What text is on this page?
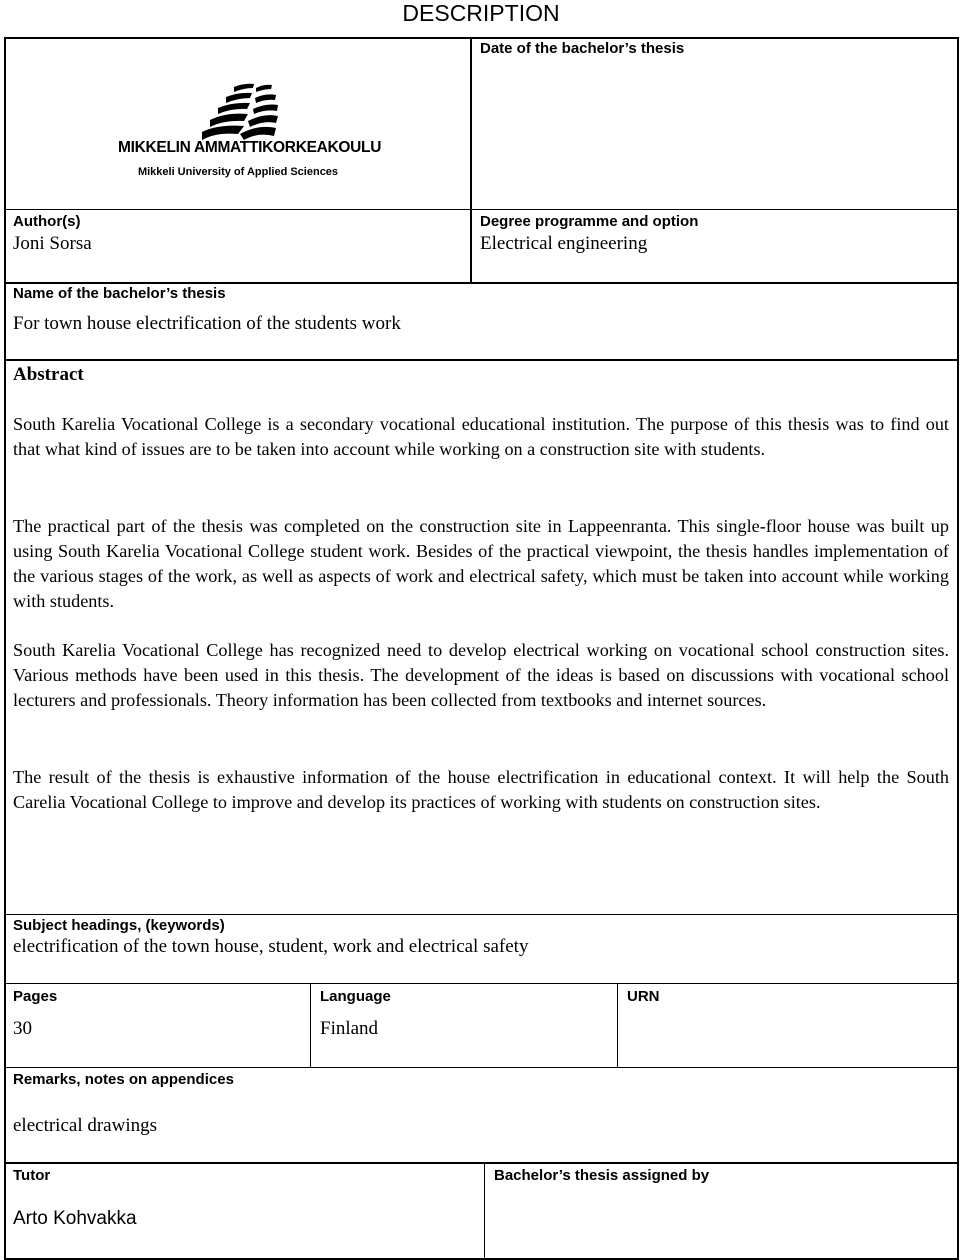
DESCRIPTION
MIKKELIN AMMATTIKORKEAKOULU
Mikkeli University of Applied Sciences
Date of the bachelor’s thesis
Author(s)
Joni Sorsa
Degree programme and option
Electrical engineering
Name of the bachelor’s thesis
For town house electrification of the students work
Abstract
South Karelia Vocational College is a secondary vocational educational institution. The purpose of this thesis was to find out that what kind of issues are to be taken into account while working on a construction site with students.
The practical part of the thesis was completed on the construction site in Lappeenranta. This single-floor house was built up using South Karelia Vocational College student work. Besides of the practical viewpoint, the thesis handles implementation of the various stages of the work, as well as aspects of work and electrical safety, which must be taken into account while working with students.
South Karelia Vocational College has recognized need to develop electrical working on vocational school construction sites. Various methods have been used in this thesis. The development of the ideas is based on discussions with vocational school lecturers and professionals. Theory information has been collected from textbooks and internet sources.
The result of the thesis is exhaustive information of the house electrification in educational context. It will help the South Carelia Vocational College to improve and develop its practices of working with students on construction sites.
Subject headings, (keywords)
electrification of the town house, student, work and electrical safety
Pages
30
Language
Finland
URN
Remarks, notes on appendices
electrical drawings
Tutor
Arto Kohvakka
Bachelor’s thesis assigned by
